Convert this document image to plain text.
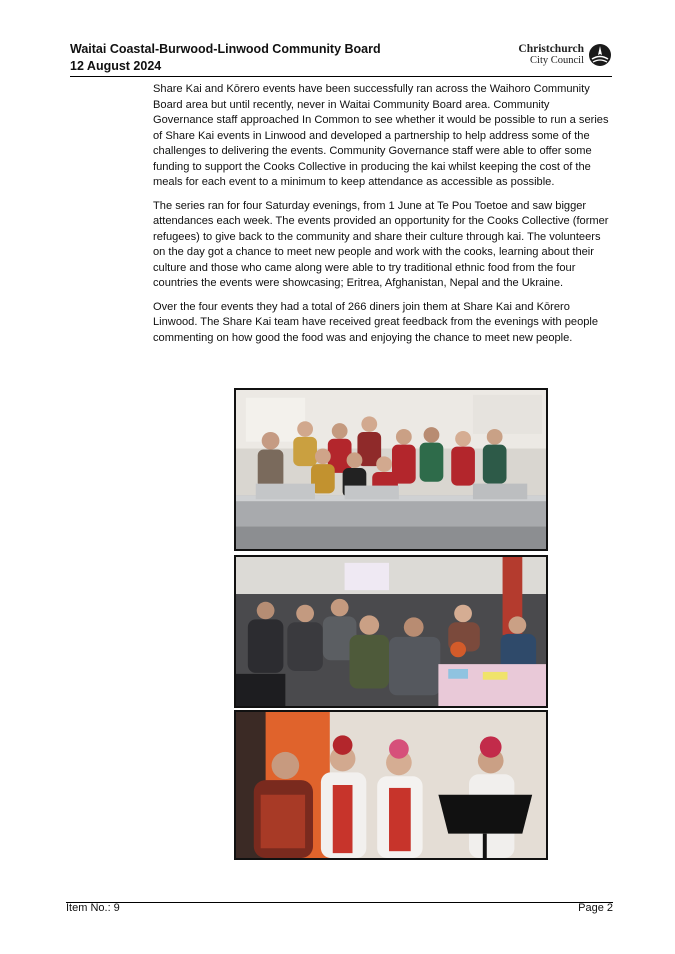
Waitai Coastal-Burwood-Linwood Community Board
12 August 2024
Christchurch
City Council

Share Kai and Kōrero events have been successfully ran across the Waihoro Community Board area but until recently, never in Waitai Community Board area. Community Governance staff approached In Common to see whether it would be possible to run a series of Share Kai events in Linwood and developed a partnership to help address some of the challenges to delivering the events. Community Governance staff were able to offer some funding to support the Cooks Collective in producing the kai whilst keeping the cost of the meals for each event to a minimum to keep attendance as accessible as possible.

The series ran for four Saturday evenings, from 1 June at Te Pou Toetoe and saw bigger attendances each week. The events provided an opportunity for the Cooks Collective (former refugees) to give back to the community and share their culture through kai. The volunteers on the day got a chance to meet new people and work with the cooks, learning about their culture and those who came along were able to try traditional ethnic food from the four countries the events were showcasing; Eritrea, Afghanistan, Nepal and the Ukraine.

Over the four events they had a total of 266 diners join them at Share Kai and Kōrero Linwood. The Share Kai team have received great feedback from the evenings with people commenting on how good the food was and enjoying the chance to meet new people.

Item No.: 9	Page 2
